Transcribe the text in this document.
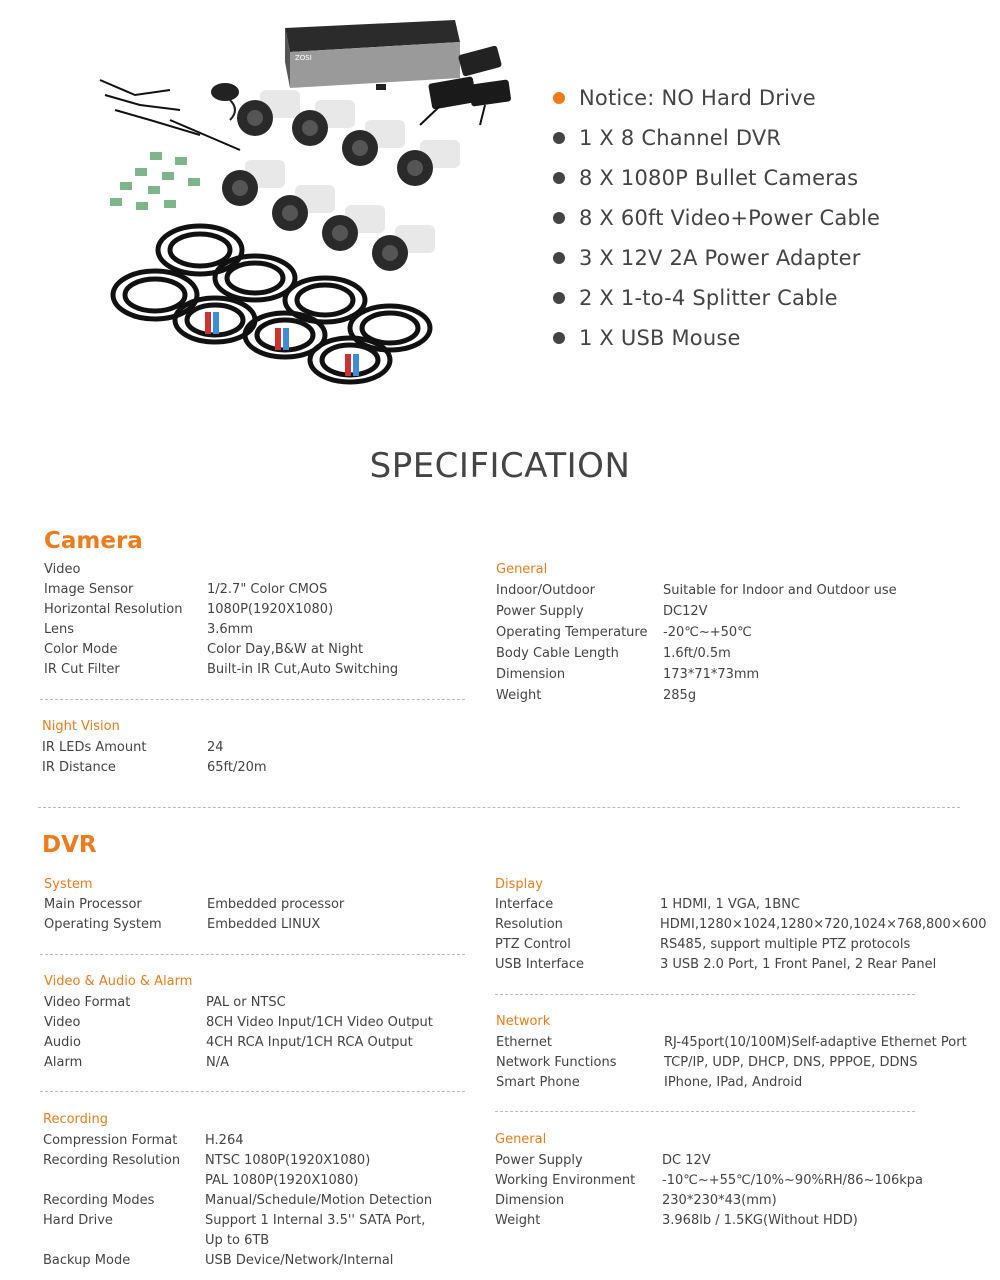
ZOSI
Notice: NO Hard Drive
1 X 8 Channel DVR
8 X 1080P Bullet Cameras
8 X 60ft Video+Power Cable
3 X 12V 2A Power Adapter
2 X 1-to-4 Splitter Cable
1 X USB Mouse
SPECIFICATION
Camera
Video
Image Sensor	1/2.7" Color CMOS
Horizontal Resolution 1080P(1920X1080)
Lens	3.6mm
Color Mode	Color Day,B&W at Night
IR Cut Filter	Built-in IR Cut,Auto Switching
Night Vision
IR LEDs Amount	24
IR Distance	65ft/20m
General
Indoor/Outdoor	Suitable for Indoor and Outdoor use
Power Supply	DC12V
Operating Temperature -20℃~+50℃
Body Cable Length	1.6ft/0.5m
Dimension	173*71*73mm
Weight	285g
DVR
System
Main Processor	Embedded processor
Operating System	Embedded LINUX
Video & Audio & Alarm
Video Format	PAL or NTSC
Video	8CH Video Input/1CH Video Output
Audio	4CH RCA Input/1CH RCA Output
Alarm	N/A
Recording
Compression Format H.264
Recording Resolution NTSC 1080P(1920X1080)
PAL 1080P(1920X1080)
Recording Modes	Manual/Schedule/Motion Detection
Hard Drive	Support 1 Internal 3.5'' SATA Port,
Up to 6TB
Backup Mode	USB Device/Network/Internal
Display
Interface	1 HDMI, 1 VGA, 1BNC
Resolution	HDMI,1280×1024,1280×720,1024×768,800×600
PTZ Control	RS485, support multiple PTZ protocols
USB Interface	3 USB 2.0 Port, 1 Front Panel, 2 Rear Panel
Network
Ethernet	RJ-45port(10/100M)Self-adaptive Ethernet Port
Network Functions	TCP/IP, UDP, DHCP, DNS, PPPOE, DDNS
Smart Phone	IPhone, IPad, Android
General
Power Supply	DC 12V
Working Environment -10℃~+55℃/10%~90%RH/86~106kpa
Dimension	230*230*43(mm)
Weight	3.968lb / 1.5KG(Without HDD)
